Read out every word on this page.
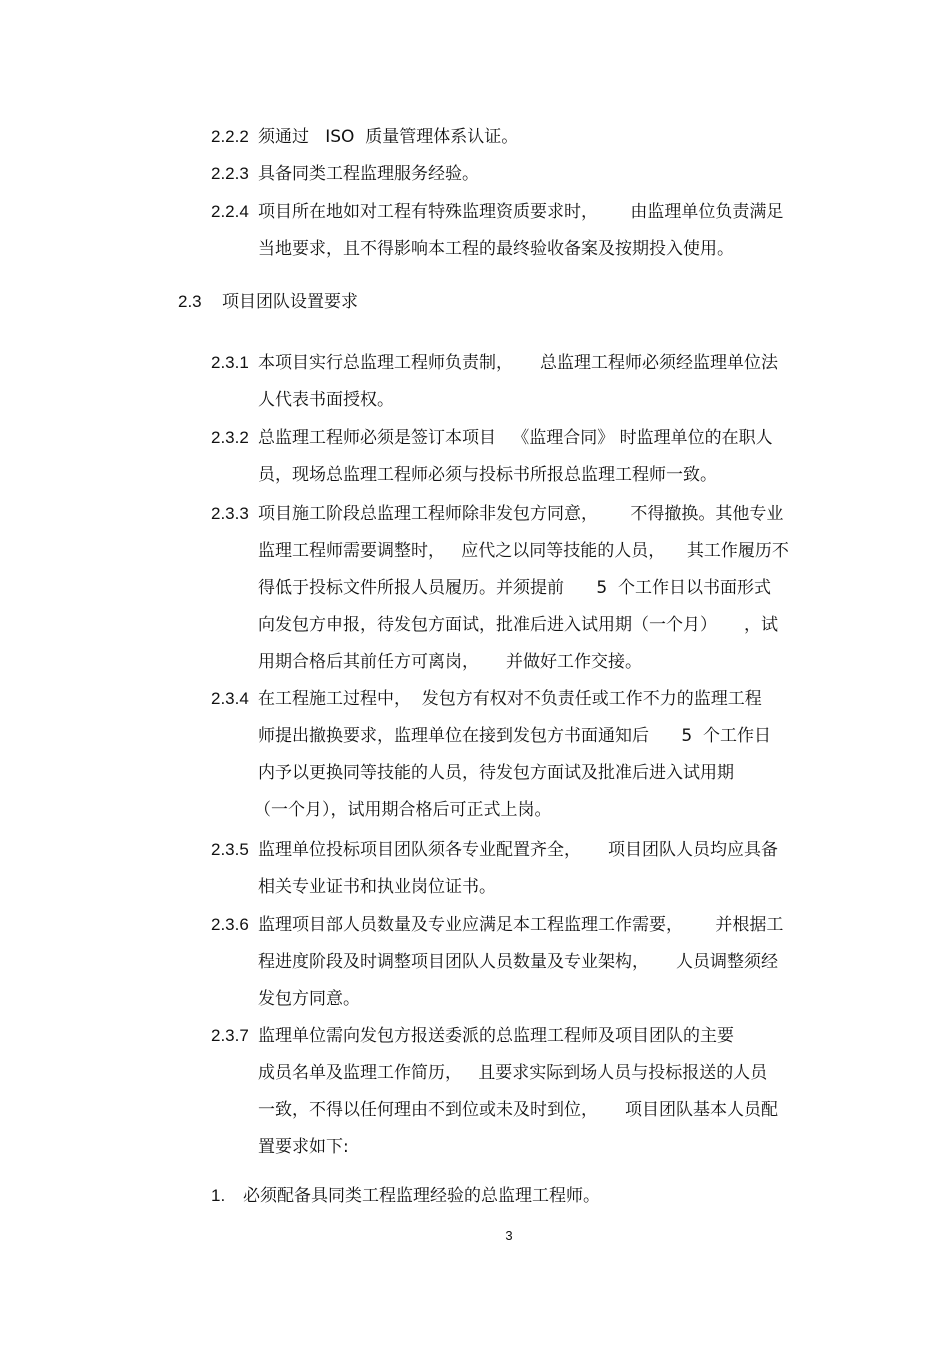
2.2.2 须通过   ISO  质量管理体系认证。
2.2.3 具备同类工程监理服务经验。
2.2.4 项目所在地如对工程有特殊监理资质要求时，      由监理单位负责满足
当地要求，且不得影响本工程的最终验收备案及按期投入使用。
2.3 项目团队设置要求
2.3.1 本项目实行总监理工程师负责制，     总监理工程师必须经监理单位法
人代表书面授权。
2.3.2 总监理工程师必须是签订本项目   《监理合同》 时监理单位的在职人
员，现场总监理工程师必须与投标书所报总监理工程师一致。
2.3.3 项目施工阶段总监理工程师除非发包方同意，      不得撤换。其他专业
监理工程师需要调整时，   应代之以同等技能的人员，    其工作履历不
得低于投标文件所报人员履历。并须提前      5  个工作日以书面形式
向发包方申报，待发包方面试，批准后进入试用期（一个月）     ，试
用期合格后其前任方可离岗，     并做好工作交接。
2.3.4 在工程施工过程中，  发包方有权对不负责任或工作不力的监理工程
师提出撤换要求，监理单位在接到发包方书面通知后      5  个工作日
内予以更换同等技能的人员，待发包方面试及批准后进入试用期
（一个月），试用期合格后可正式上岗。
2.3.5 监理单位投标项目团队须各专业配置齐全，     项目团队人员均应具备
相关专业证书和执业岗位证书。
2.3.6 监理项目部人员数量及专业应满足本工程监理工作需要，      并根据工
程进度阶段及时调整项目团队人员数量及专业架构，     人员调整须经
发包方同意。
2.3.7 监理单位需向发包方报送委派的总监理工程师及项目团队的主要
成员名单及监理工作简历，   且要求实际到场人员与投标报送的人员
一致，不得以任何理由不到位或未及时到位，     项目团队基本人员配
置要求如下:
1. 必须配备具同类工程监理经验的总监理工程师。
3
